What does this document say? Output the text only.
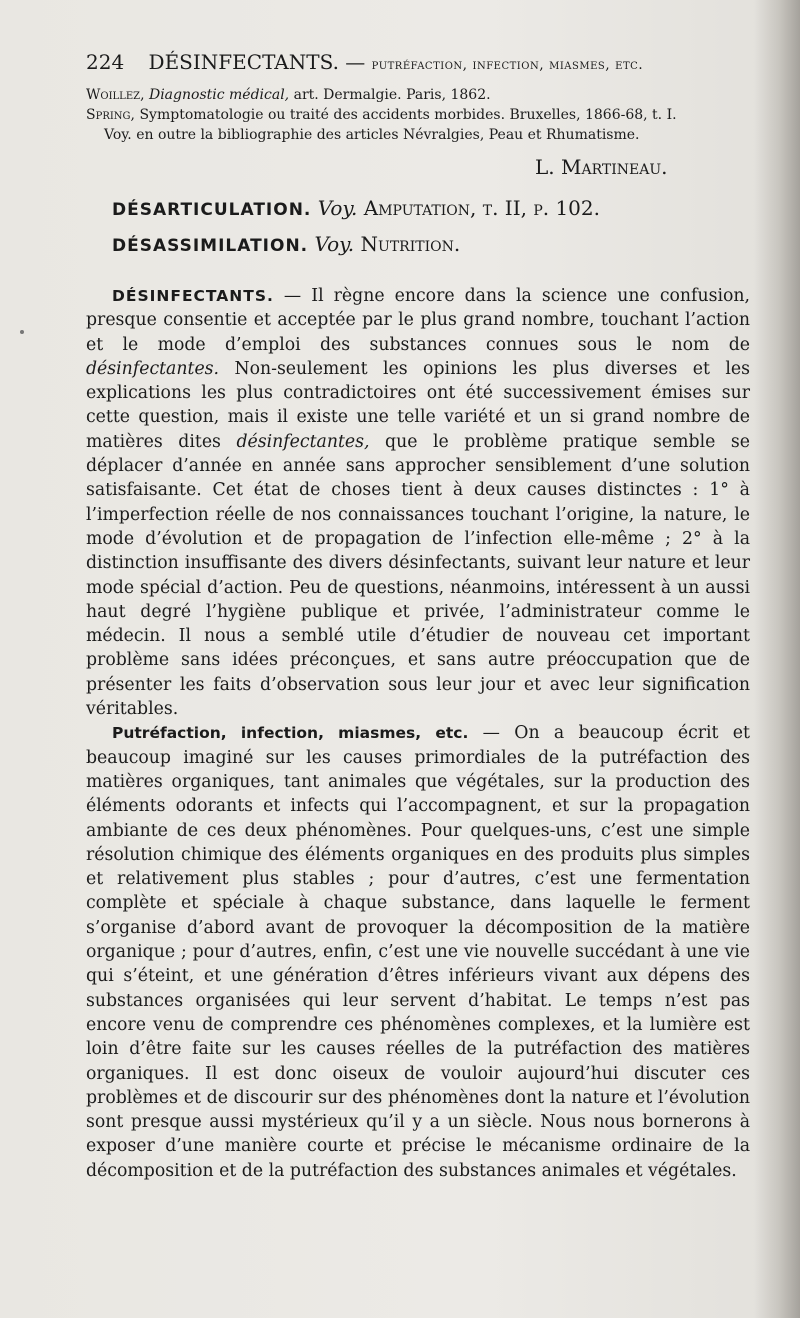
224 DÉSINFECTANTS. — putréfaction, infection, miasmes, etc.
Woillez, Diagnostic médical, art. Dermalgie. Paris, 1862.
Spring, Symptomatologie ou traité des accidents morbides. Bruxelles, 1866-68, t. I.
Voy. en outre la bibliographie des articles Névralgies, Peau et Rhumatisme.
L. Martineau.
DÉSARTICULATION. Voy. Amputation, t. II, p. 102.
DÉSASSIMILATION. Voy. Nutrition.

DÉSINFECTANTS. — Il règne encore dans la science une confusion, presque consentie et acceptée par le plus grand nombre, touchant l’action et le mode d’emploi des substances connues sous le nom de désinfectantes. Non-seulement les opinions les plus diverses et les explications les plus contradictoires ont été successivement émises sur cette question, mais il existe une telle variété et un si grand nombre de matières dites désinfectantes, que le problème pratique semble se déplacer d’année en année sans approcher sensiblement d’une solution satisfaisante. Cet état de choses tient à deux causes distinctes : 1° à l’imperfection réelle de nos connaissances touchant l’origine, la nature, le mode d’évolution et de propagation de l’infection elle-même ; 2° à la distinction insuffisante des divers désinfectants, suivant leur nature et leur mode spécial d’action. Peu de questions, néanmoins, intéressent à un aussi haut degré l’hygiène publique et privée, l’administrateur comme le médecin. Il nous a semblé utile d’étudier de nouveau cet important problème sans idées préconçues, et sans autre préoccupation que de présenter les faits d’observation sous leur jour et avec leur signification véritables.

Putréfaction, infection, miasmes, etc. — On a beaucoup écrit et beaucoup imaginé sur les causes primordiales de la putréfaction des matières organiques, tant animales que végétales, sur la production des éléments odorants et infects qui l’accompagnent, et sur la propagation ambiante de ces deux phénomènes. Pour quelques-uns, c’est une simple résolution chimique des éléments organiques en des produits plus simples et relativement plus stables ; pour d’autres, c’est une fermentation complète et spéciale à chaque substance, dans laquelle le ferment s’organise d’abord avant de provoquer la décomposition de la matière organique ; pour d’autres, enfin, c’est une vie nouvelle succédant à une vie qui s’éteint, et une génération d’êtres inférieurs vivant aux dépens des substances organisées qui leur servent d’habitat. Le temps n’est pas encore venu de comprendre ces phénomènes complexes, et la lumière est loin d’être faite sur les causes réelles de la putréfaction des matières organiques. Il est donc oiseux de vouloir aujourd’hui discuter ces problèmes et de discourir sur des phénomènes dont la nature et l’évolution sont presque aussi mystérieux qu’il y a un siècle. Nous nous bornerons à exposer d’une manière courte et précise le mécanisme ordinaire de la décomposition et de la putréfaction des substances animales et végétales.
